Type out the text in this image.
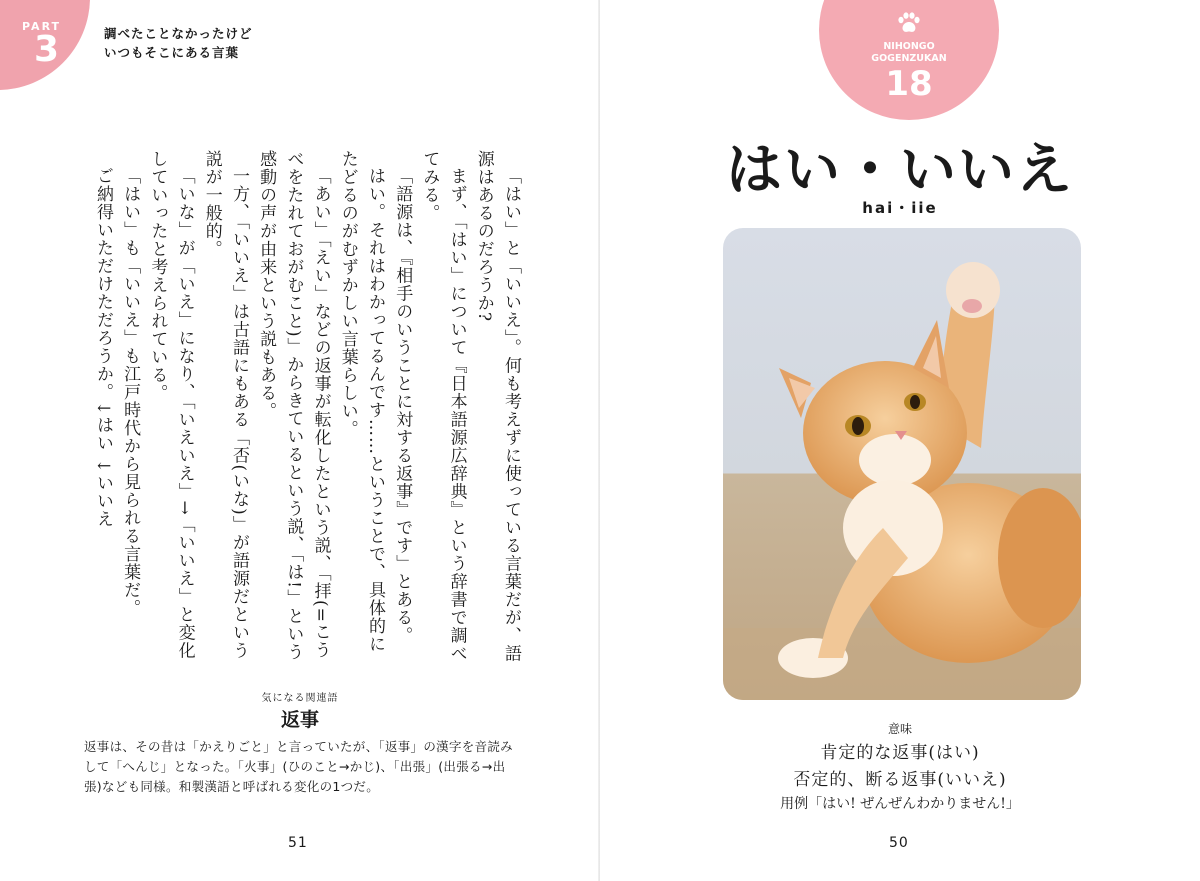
PART
3	調べたことなかったけど
いつもそこにある言葉

「はい」と「いいえ」。何も考えずに使っている言葉だが、語源はあるのだろうか?

まず、「はい」について『日本語源広辞典』という辞書で調べてみる。

「語源は、『相手のいうことに対する返事』です」とある。

はい。それはわかってるんです……ということで、具体的にたどるのがむずかしい言葉らしい。

「あい」「えい」などの返事が転化したという説、「拝(=こうべをたれておがむこと)」からきているという説、「は!」という感動の声が由来という説もある。

一方、「いいえ」は古語にもある「否(いな)」が語源だという説が一般的。

「いな」が「いえ」になり、「いえいえ」→「いいえ」と変化していったと考えられている。

「はい」も「いいえ」も江戸時代から見られる言葉だ。

ご納得いただけただろうか。↓はい ↓いいえ

気になる関連語
返事
返事は、その昔は「かえりごと」と言っていたが、「返事」の漢字を音読みして「へんじ」となった。「火事」(ひのこと→かじ)、「出張」(出張る→出張)なども同様。和製漢語と呼ばれる変化の1つだ。
51
NIHONGO
GOGENZUKAN
18
はい・いいえ
hai・iie
意味
肯定的な返事(はい)
否定的、断る返事(いいえ)
用例「はい! ぜんぜんわかりません!」
50
